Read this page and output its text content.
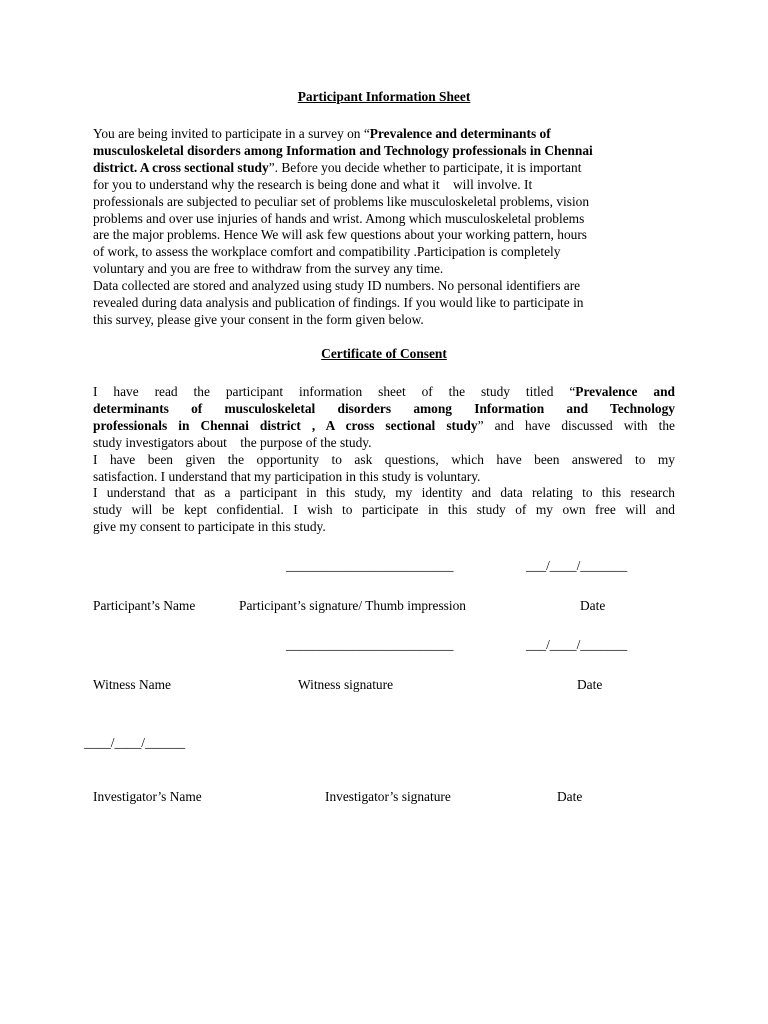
Participant Information Sheet
You are being invited to participate in a survey on “Prevalence and determinants of
musculoskeletal disorders among Information and Technology professionals in Chennai
district. A cross sectional study”. Before you decide whether to participate, it is important
for you to understand why the research is being done and what it    will involve. It
professionals are subjected to peculiar set of problems like musculoskeletal problems, vision
problems and over use injuries of hands and wrist. Among which musculoskeletal problems
are the major problems. Hence We will ask few questions about your working pattern, hours
of work, to assess the workplace comfort and compatibility .Participation is completely
voluntary and you are free to withdraw from the survey any time.
Data collected are stored and analyzed using study ID numbers. No personal identifiers are
revealed during data analysis and publication of findings. If you would like to participate in
this survey, please give your consent in the form given below.
Certificate of Consent
I have read the participant information sheet of the study titled “Prevalence and
determinants of musculoskeletal disorders among Information and Technology
professionals in Chennai district , A cross sectional study” and have discussed with the
study investigators about    the purpose of the study.
I have been given the opportunity to ask questions, which have been answered to my
satisfaction. I understand that my participation in this study is voluntary.
I understand that as a participant in this study, my identity and data relating to this research
study will be kept confidential. I wish to participate in this study of my own free will and
give my consent to participate in this study.
_________________________	___/____/_______
Participant’s Name	Participant’s signature/ Thumb impression	Date
_________________________	___/____/_______
Witness Name	Witness signature	Date
____/____/______
Investigator’s Name	Investigator’s signature	Date
